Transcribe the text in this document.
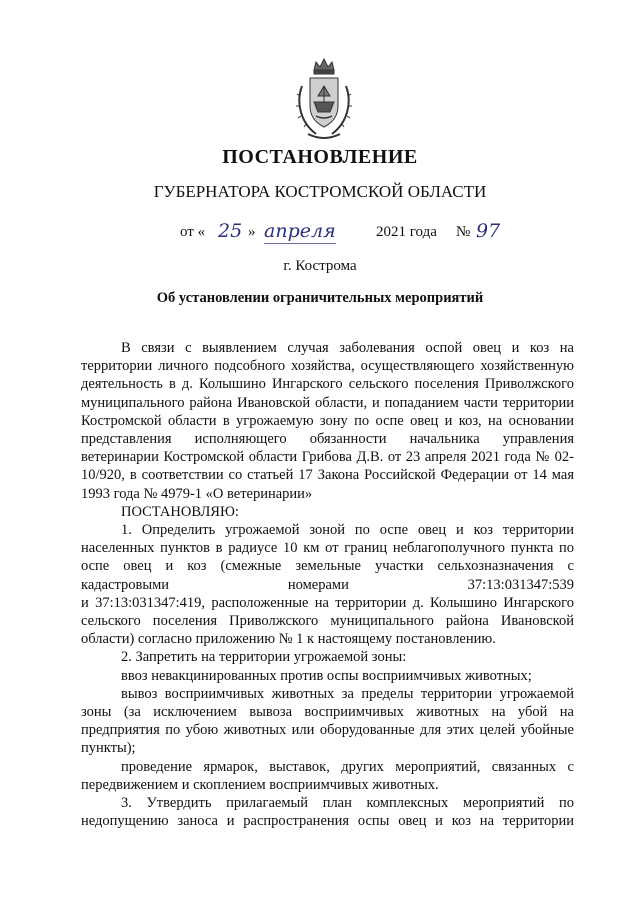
ПОСТАНОВЛЕНИЕ
ГУБЕРНАТОРА КОСТРОМСКОЙ ОБЛАСТИ
от « 25 » апреля	2021 года № 97
г. Кострома
Об установлении ограничительных мероприятий

В связи с выявлением случая заболевания оспой овец и коз на территории личного подсобного хозяйства, осуществляющего хозяйственную деятельность в д. Колышино Ингарского сельского поселения Приволжского муниципального района Ивановской области, и попаданием части территории Костромской области в угрожаемую зону по оспе овец и коз, на основании представления исполняющего обязанности начальника управления ветеринарии Костромской области Грибова Д.В. от 23 апреля 2021 года № 02-10/920, в соответствии со статьей 17 Закона Российской Федерации от 14 мая 1993 года № 4979-1 «О ветеринарии»

ПОСТАНОВЛЯЮ:

1. Определить угрожаемой зоной по оспе овец и коз территории населенных пунктов в радиусе 10 км от границ неблагополучного пункта по оспе овец и коз (смежные земельные участки сельхозназначения с

кадастровыми	номерами	37:13:031347:539

и 37:13:031347:419, расположенные на территории д. Колышино Ингарского сельского поселения Приволжского муниципального района Ивановской области) согласно приложению № 1 к настоящему постановлению.

2. Запретить на территории угрожаемой зоны:

ввоз невакцинированных против оспы восприимчивых животных;

вывоз восприимчивых животных за пределы территории угрожаемой зоны (за исключением вывоза восприимчивых животных на убой на предприятия по убою животных или оборудованные для этих целей убойные пункты);

проведение ярмарок, выставок, других мероприятий, связанных с передвижением и скоплением восприимчивых животных.

3. Утвердить прилагаемый план комплексных мероприятий по недопущению заноса и распространения оспы овец и коз на территории
